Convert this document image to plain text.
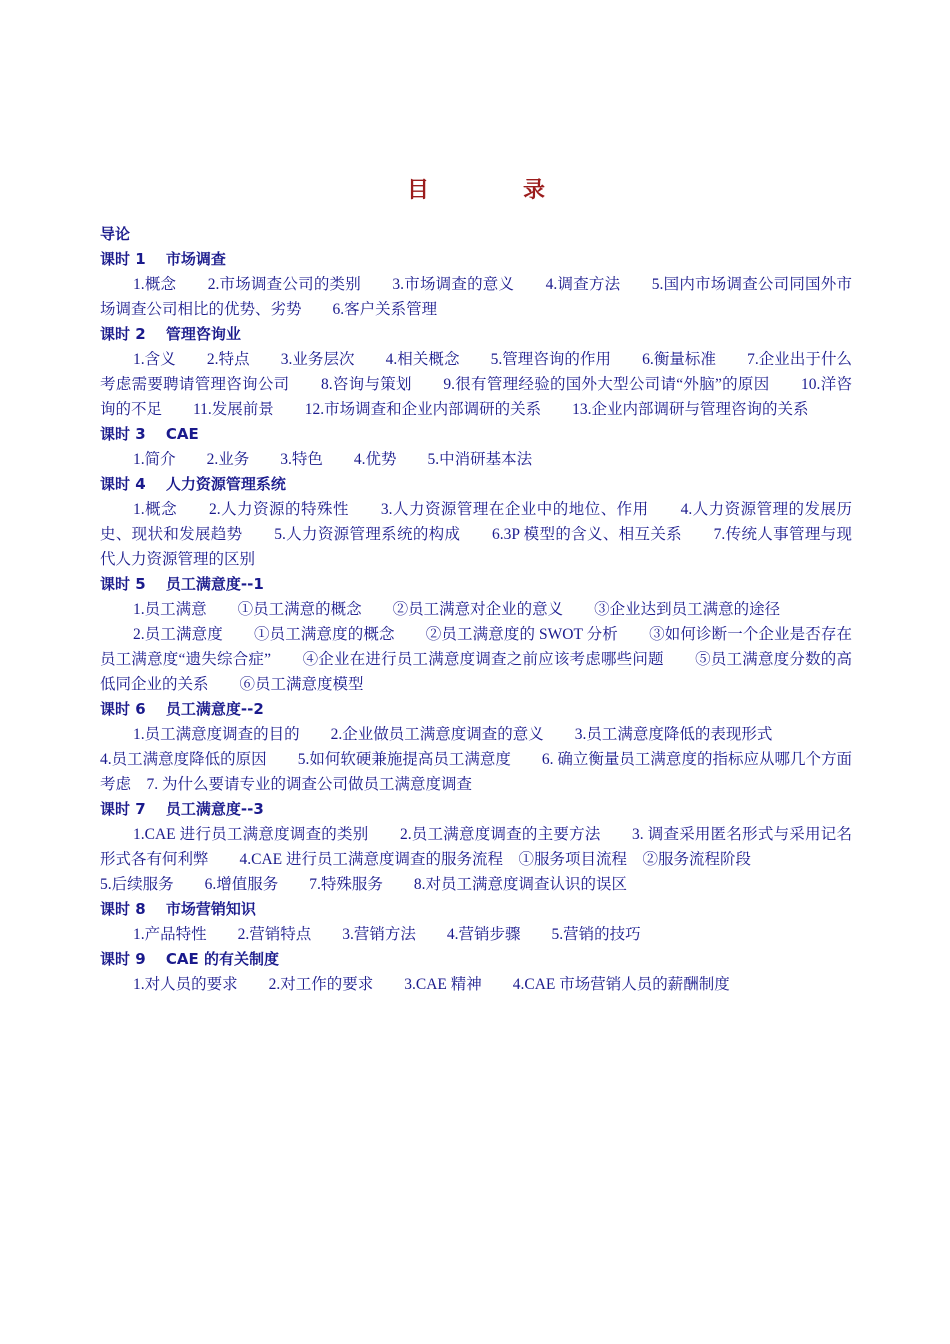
目　录
导论
课时 1　 市场调查
1.概念　　2.市场调查公司的类别　　3.市场调查的意义　　4.调查方法　　5.国内市场调查公司同国外市场调查公司相比的优势、劣势　　6.客户关系管理
课时 2　 管理咨询业
1.含义　　2.特点　　3.业务层次　　4.相关概念　　5.管理咨询的作用　　6.衡量标准　　7.企业出于什么考虑需要聘请管理咨询公司　　8.咨询与策划　　9.很有管理经验的国外大型公司请“外脑”的原因　　10.洋咨询的不足　　11.发展前景　　12.市场调查和企业内部调研的关系　　13.企业内部调研与管理咨询的关系
课时 3　 CAE
1.简介　　2.业务　　3.特色　　4.优势　　5.中消研基本法
课时 4　 人力资源管理系统
1.概念　　2.人力资源的特殊性　　3.人力资源管理在企业中的地位、作用　　4.人力资源管理的发展历史、现状和发展趋势　　5.人力资源管理系统的构成　　6.3P 模型的含义、相互关系　　7.传统人事管理与现代人力资源管理的区别
课时 5　 员工满意度--1
1.员工满意　　①员工满意的概念　　②员工满意对企业的意义　　③企业达到员工满意的途径
2.员工满意度　　①员工满意度的概念　　②员工满意度的 SWOT 分析　　③如何诊断一个企业是否存在员工满意度“遗失综合症”　　④企业在进行员工满意度调查之前应该考虑哪些问题　　⑤员工满意度分数的高低同企业的关系　　⑥员工满意度模型
课时 6　 员工满意度--2
1.员工满意度调查的目的　　2.企业做员工满意度调查的意义　　3.员工满意度降低的表现形式
4.员工满意度降低的原因　　5.如何软硬兼施提高员工满意度　　6. 确立衡量员工满意度的指标应从哪几个方面考虑　7. 为什么要请专业的调查公司做员工满意度调查
课时 7　 员工满意度--3
1.CAE 进行员工满意度调查的类别　　2.员工满意度调查的主要方法　　3. 调查采用匿名形式与采用记名形式各有何利弊　　4.CAE 进行员工满意度调查的服务流程　①服务项目流程　②服务流程阶段
5.后续服务　　6.增值服务　　7.特殊服务　　8.对员工满意度调查认识的误区
课时 8　 市场营销知识
1.产品特性　　2.营销特点　　3.营销方法　　4.营销步骤　　5.营销的技巧
课时 9　 CAE 的有关制度
1.对人员的要求　　2.对工作的要求　　3.CAE 精神　　4.CAE 市场营销人员的薪酬制度
